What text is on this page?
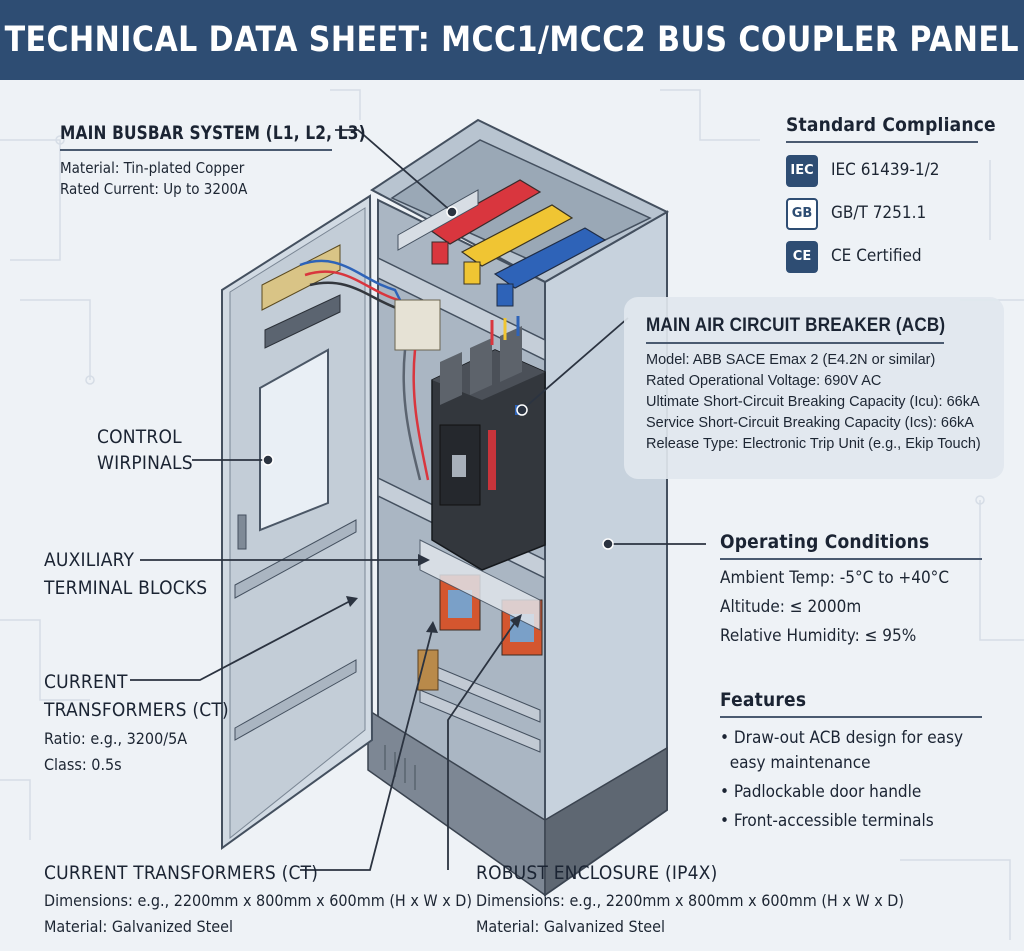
TECHNICAL DATA SHEET: MCC1/MCC2 BUS COUPLER PANEL
MAIN BUSBAR SYSTEM (L1, L2, L3)
Material: Tin-plated Copper
Rated Current: Up to 3200A
CONTROL
WIRPINALS
AUXILIARY
TERMINAL BLOCKS
CURRENT
TRANSFORMERS (CT)
Ratio: e.g., 3200/5A
Class: 0.5s
CURRENT TRANSFORMERS (CT)
Dimensions: e.g., 2200mm x 800mm x 600mm (H x W x D)
Material: Galvanized Steel
ROBUST ENCLOSURE (IP4X)
Dimensions: e.g., 2200mm x 800mm x 600mm (H x W x D)
Material: Galvanized Steel
Standard Compliance
IEC IEC 61439-1/2
GB	GB/T 7251.1
CE	CE Certified
MAIN AIR CIRCUIT BREAKER (ACB)
Model: ABB SACE Emax 2 (E4.2N or similar)
Rated Operational Voltage: 690V AC
Ultimate Short-Circuit Breaking Capacity (Icu): 66kA
Service Short-Circuit Breaking Capacity (Ics): 66kA
Release Type: Electronic Trip Unit (e.g., Ekip Touch)
Operating Conditions
Ambient Temp: -5°C to +40°C
Altitude: ≤ 2000m
Relative Humidity: ≤ 95%
Features
• Draw-out ACB design for easy
easy maintenance
• Padlockable door handle
• Front-accessible terminals
